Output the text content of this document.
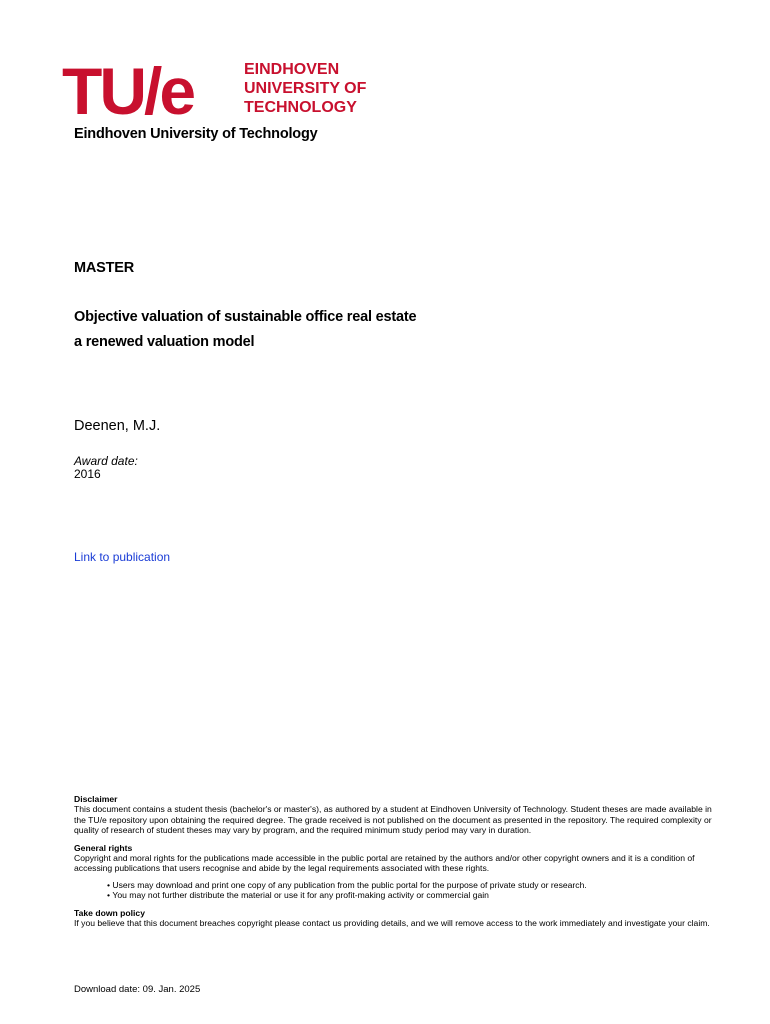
TU/e	EINDHOVEN
UNIVERSITY OF
TECHNOLOGY
Eindhoven University of Technology
MASTER
Objective valuation of sustainable office real estate
a renewed valuation model
Deenen, M.J.
Award date:
2016
Link to publication

Disclaimer

This document contains a student thesis (bachelor's or master's), as authored by a student at Eindhoven University of Technology. Student theses are made available in the TU/e repository upon obtaining the required degree. The grade received is not published on the document as presented in the repository. The required complexity or quality of research of student theses may vary by program, and the required minimum study period may vary in duration.

General rights

Copyright and moral rights for the publications made accessible in the public portal are retained by the authors and/or other copyright owners and it is a condition of accessing publications that users recognise and abide by the legal requirements associated with these rights.

• Users may download and print one copy of any publication from the public portal for the purpose of private study or research.
• You may not further distribute the material or use it for any profit-making activity or commercial gain

Take down policy

If you believe that this document breaches copyright please contact us providing details, and we will remove access to the work immediately and investigate your claim.

Download date: 09. Jan. 2025
